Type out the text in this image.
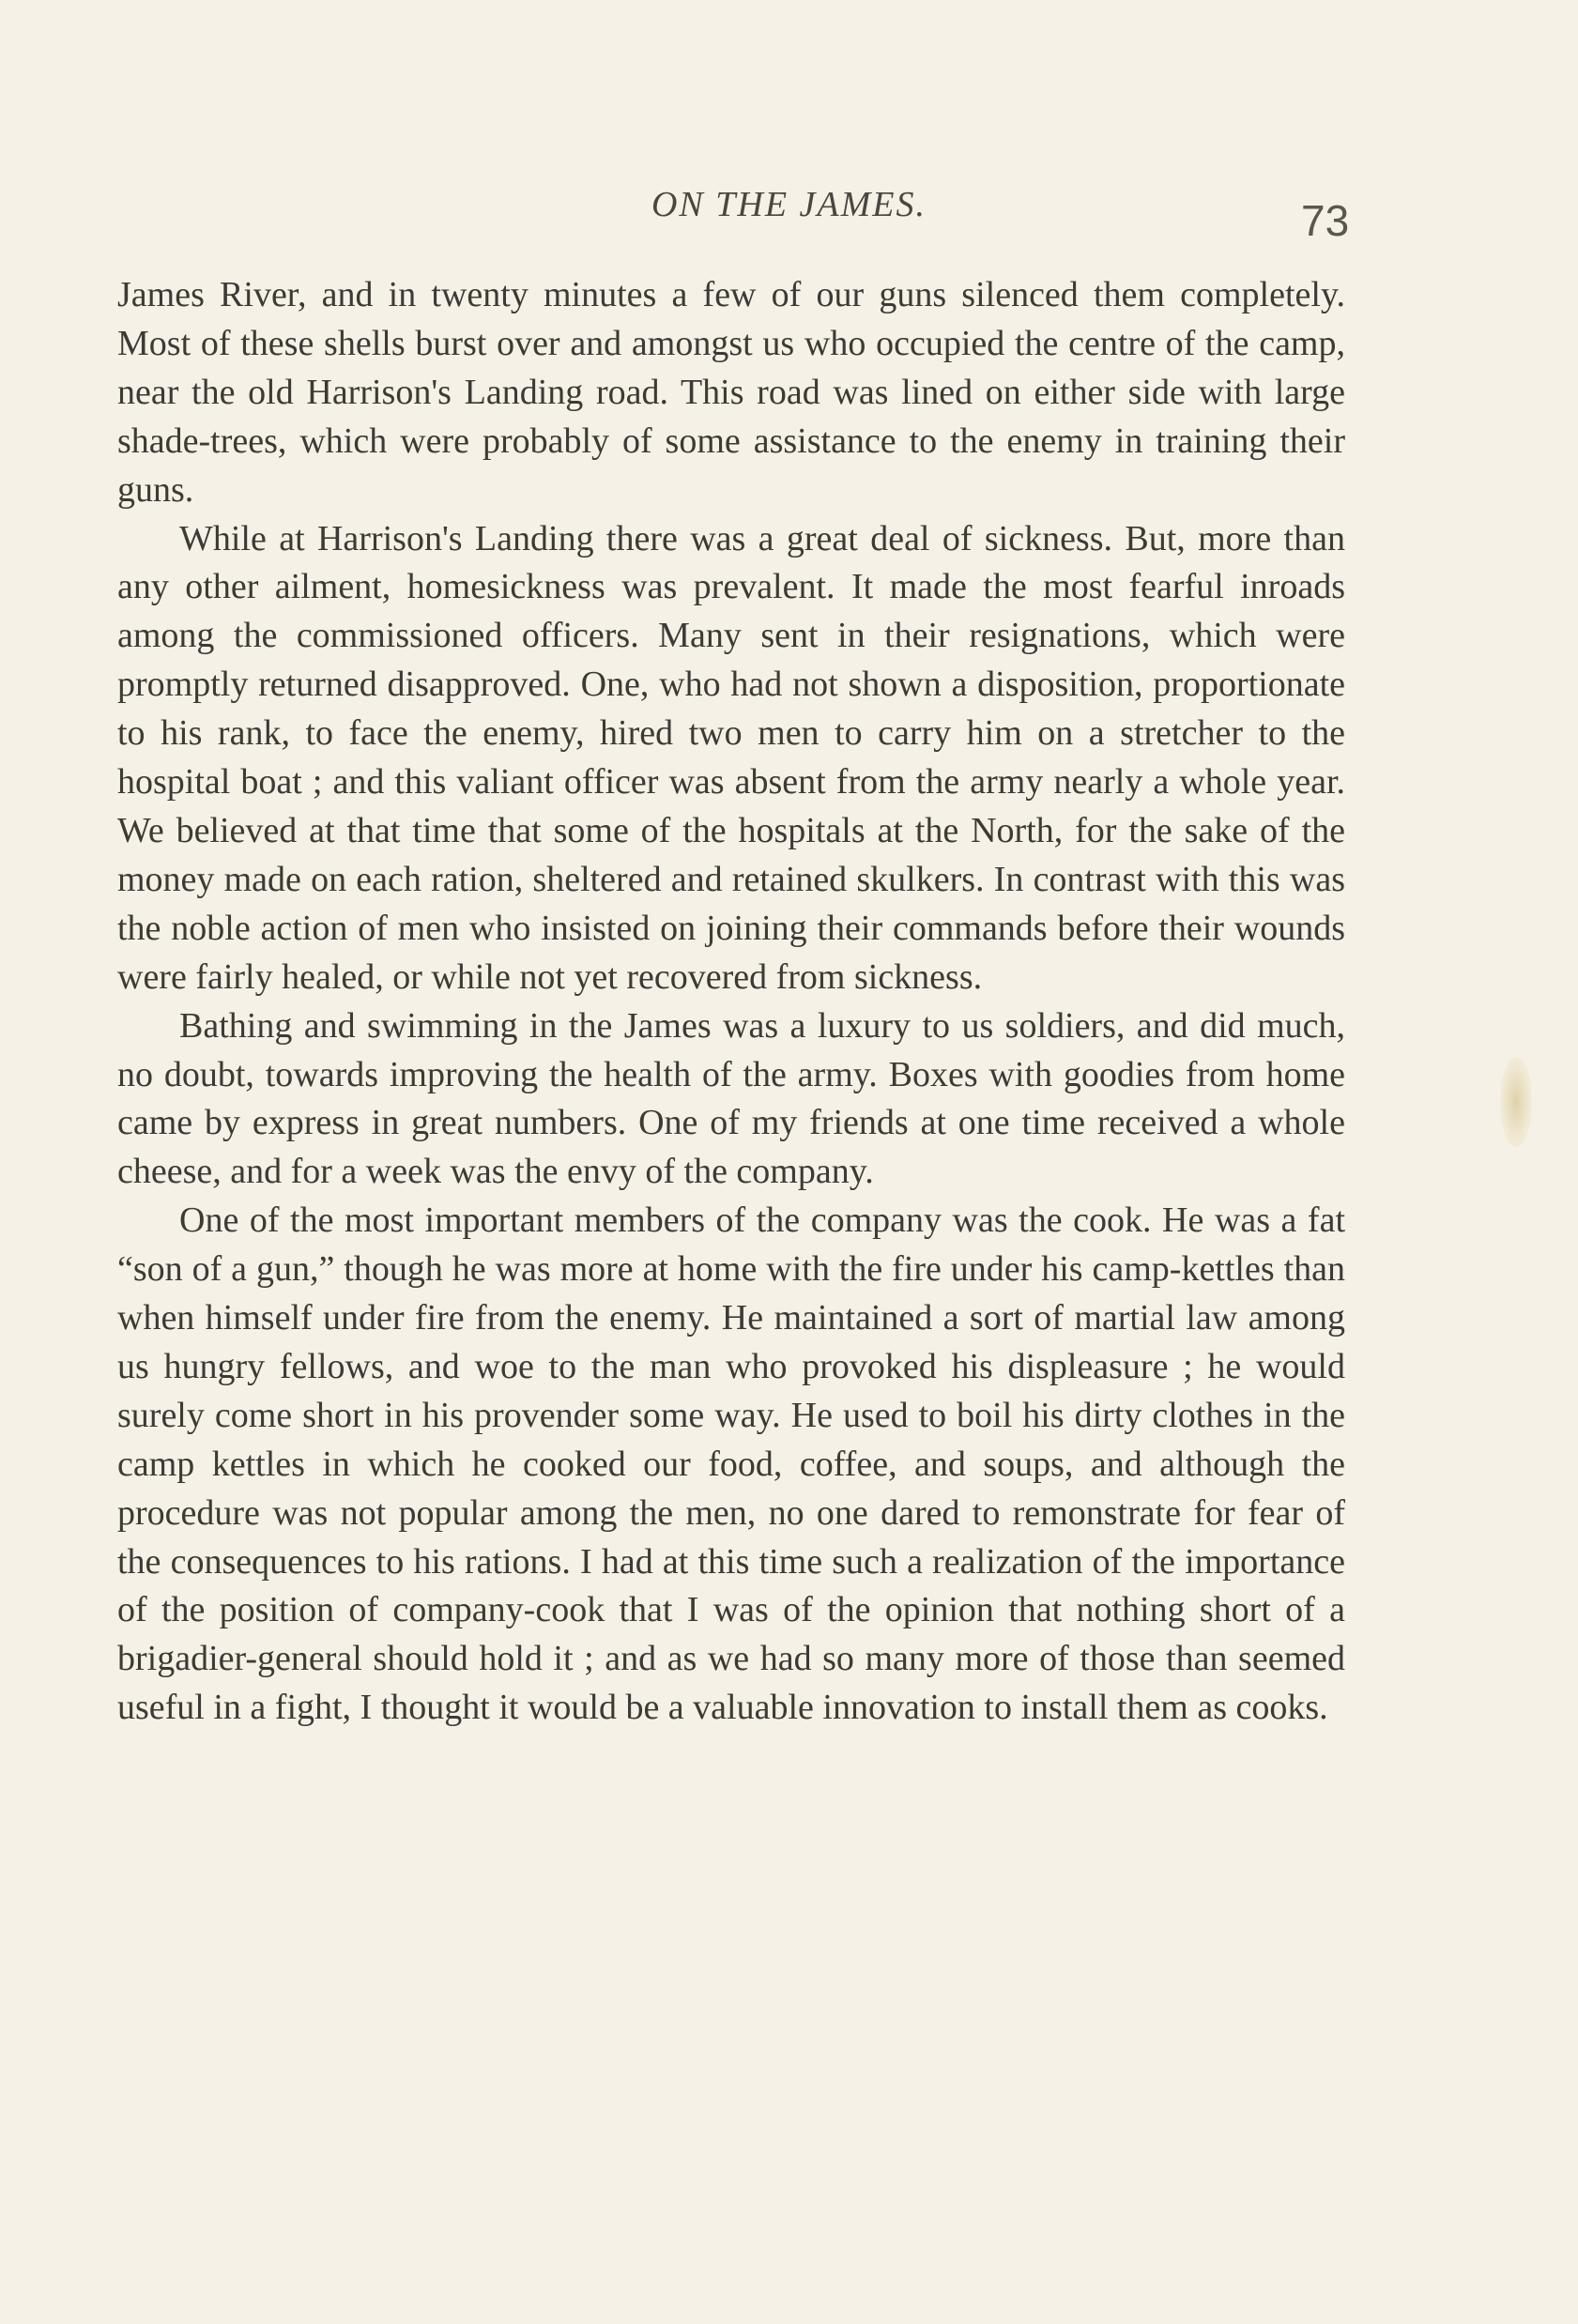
ON THE JAMES.	73

James River, and in twenty minutes a few of our guns silenced them completely. Most of these shells burst over and amongst us who occupied the centre of the camp, near the old Harrison's Landing road. This road was lined on either side with large shade-trees, which were probably of some assistance to the enemy in training their guns.

While at Harrison's Landing there was a great deal of sickness. But, more than any other ailment, homesickness was prevalent. It made the most fearful inroads among the commissioned officers. Many sent in their resignations, which were promptly returned disapproved. One, who had not shown a disposition, proportionate to his rank, to face the enemy, hired two men to carry him on a stretcher to the hospital boat ; and this valiant officer was absent from the army nearly a whole year. We believed at that time that some of the hospitals at the North, for the sake of the money made on each ration, sheltered and retained skulkers. In contrast with this was the noble action of men who insisted on joining their commands before their wounds were fairly healed, or while not yet recovered from sickness.

Bathing and swimming in the James was a luxury to us soldiers, and did much, no doubt, towards improving the health of the army. Boxes with goodies from home came by express in great numbers. One of my friends at one time received a whole cheese, and for a week was the envy of the company.

One of the most important members of the company was the cook. He was a fat “son of a gun,” though he was more at home with the fire under his camp-kettles than when himself under fire from the enemy. He maintained a sort of martial law among us hungry fellows, and woe to the man who provoked his displeasure ; he would surely come short in his provender some way. He used to boil his dirty clothes in the camp kettles in which he cooked our food, coffee, and soups, and although the procedure was not popular among the men, no one dared to remonstrate for fear of the consequences to his rations. I had at this time such a realization of the importance of the position of company-cook that I was of the opinion that nothing short of a brigadier-general should hold it ; and as we had so many more of those than seemed useful in a fight, I thought it would be a valuable innovation to install them as cooks.
